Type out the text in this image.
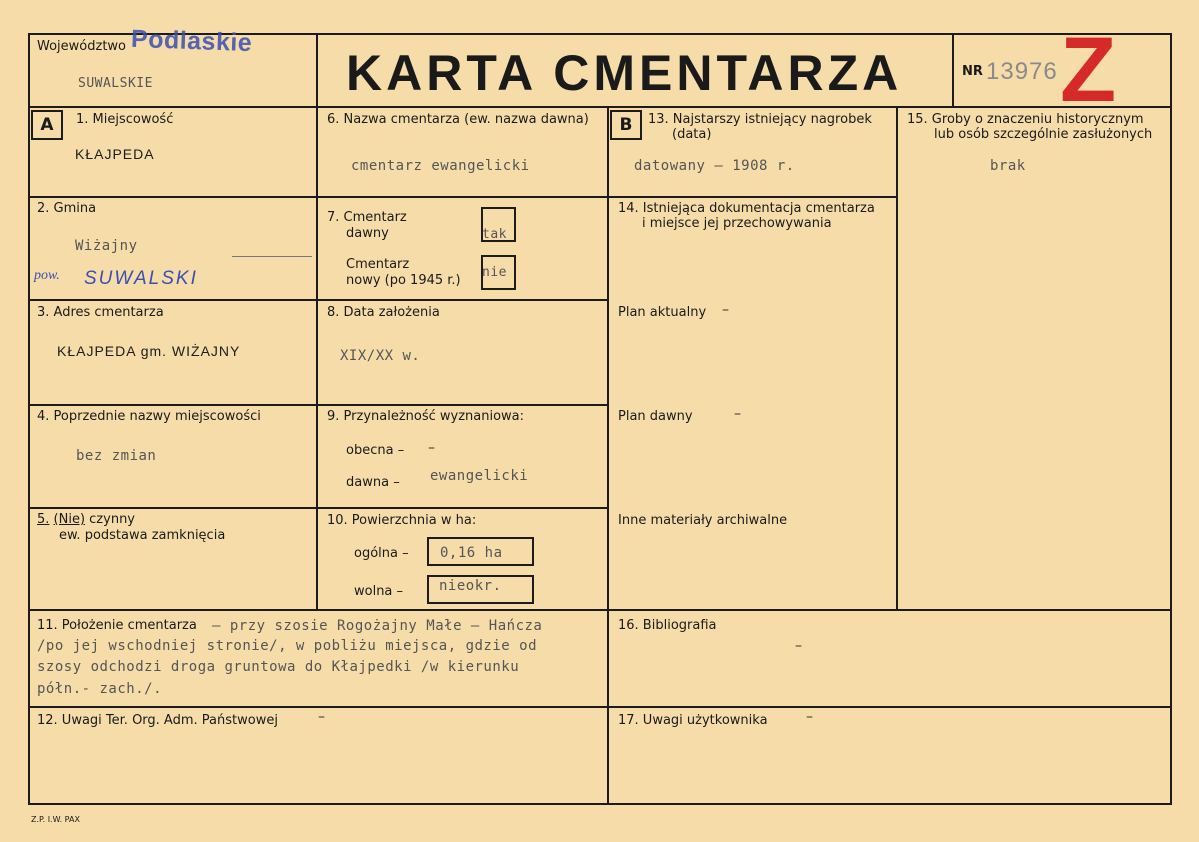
Województwo Podlaskie
SUWALSKIE	KARTA CMENTARZA	NR 13976 Z
A	B
1. Miejscowość
KŁAJPEDA
2. Gmina
Wiżajny
pow. SUWALSKI
3. Adres cmentarza
KŁAJPEDA gm. WIŻAJNY
4. Poprzednie nazwy miejscowości
bez zmian
5. (Nie) czynny
ew. podstawa zamknięcia
6. Nazwa cmentarza (ew. nazwa dawna)
cmentarz ewangelicki
7. Cmentarz
dawny	tak
Cmentarz
nowy (po 1945 r.)
nie
8. Data założenia
XIX/XX w.
9. Przynależność wyznaniowa:
obecna – –
dawna – ewangelicki
10. Powierzchnia w ha:
ogólna – 0,16 ha
wolna –	nieokr.
13. Najstarszy istniejący nagrobek
(data)
datowany – 1908 r.
14. Istniejąca dokumentacja cmentarza
i miejsce jej przechowywania
Plan aktualny –
Plan dawny	–
Inne materiały archiwalne
15. Groby o znaczeniu historycznym
lub osób szczególnie zasłużonych
brak
11. Położenie cmentarza – przy szosie Rogożajny Małe – Hańcza
/po jej wschodniej stronie/, w pobliżu miejsca, gdzie od
szosy odchodzi droga gruntowa do Kłajpedki /w kierunku
półn.- zach./.
16. Bibliografia
–
12. Uwagi Ter. Org. Adm. Państwowej	–	17. Uwagi użytkownika	–
Z.P. I.W. PAX
